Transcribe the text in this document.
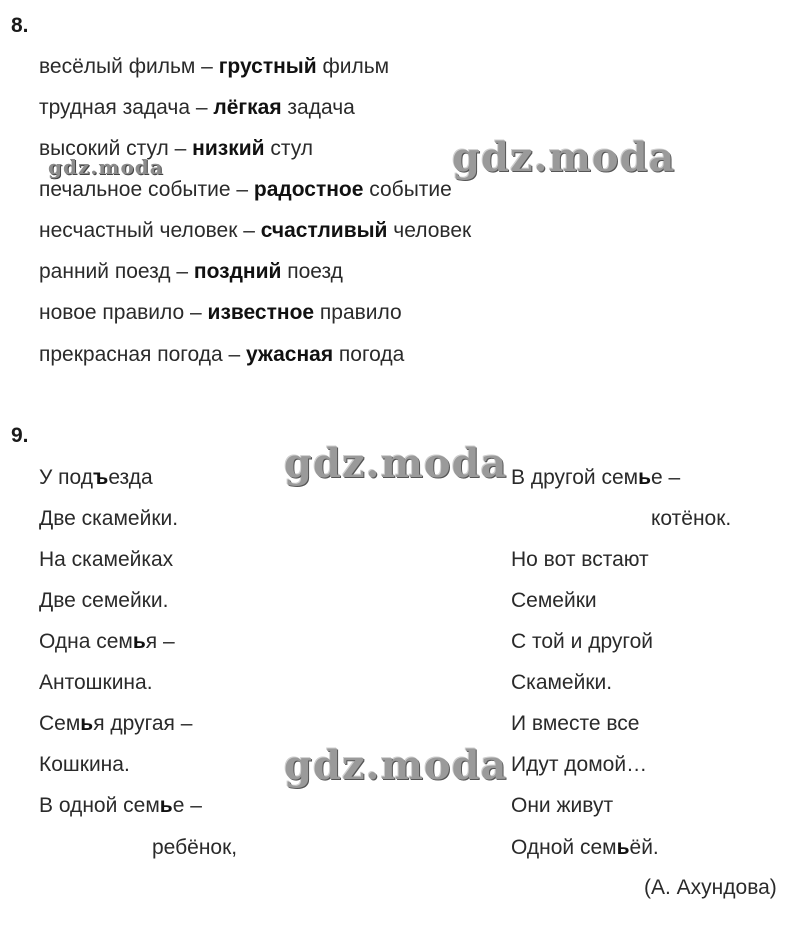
gdz.moda	gdz.moda
gdz.moda
gdz.moda
8.
весёлый фильм – грустный фильм
трудная задача – лёгкая задача
высокий стул – низкий стул
печальное событие – радостное событие
несчастный человек – счастливый человек
ранний поезд – поздний поезд
новое правило – известное правило
прекрасная погода – ужасная погода
9.
У подъезда
Две скамейки.
На скамейках
Две семейки.
Одна семья –
Антошкина.
Семья другая –
Кошкина.
В одной семье –
ребёнок,
В другой семье –
котёнок.
Но вот встают
Семейки
С той и другой
Скамейки.
И вместе все
Идут домой…
Они живут
Одной семьёй.
(А. Ахундова)
